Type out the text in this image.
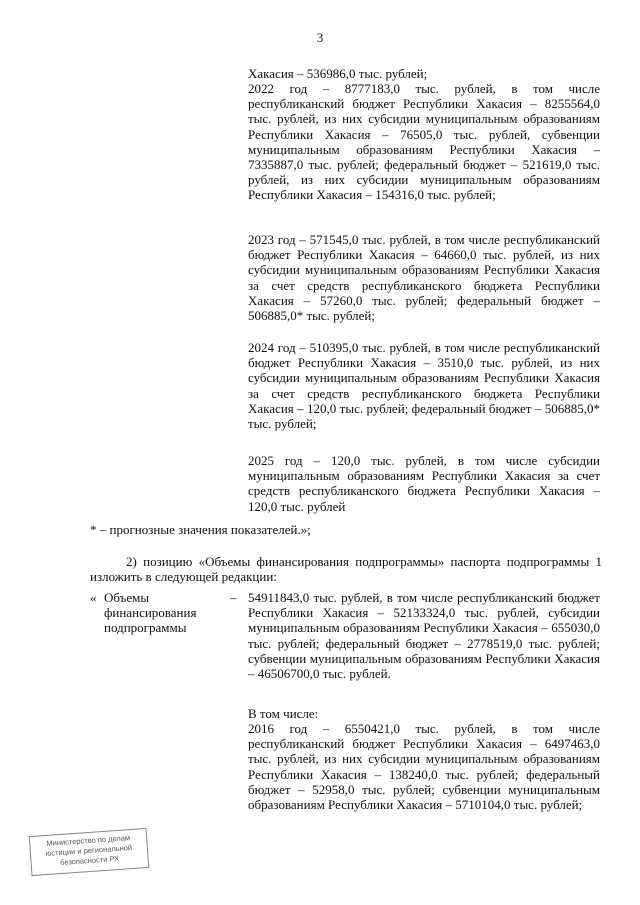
3
Хакасия – 536986,0 тыс. рублей;
2022 год – 8777183,0 тыс. рублей, в том числе республиканский бюджет Республики Хакасия – 8255564,0 тыс. рублей, из них субсидии муниципальным образованиям Республики Хакасия – 76505,0 тыс. рублей, субвенции муниципальным образованиям Республики Хакасия – 7335887,0 тыс. рублей; федеральный бюджет – 521619,0 тыс. рублей, из них субсидии муниципальным образованиям Республики Хакасия – 154316,0 тыс. рублей;
2023 год – 571545,0 тыс. рублей, в том числе республиканский бюджет Республики Хакасия – 64660,0 тыс. рублей, из них субсидии муниципальным образованиям Республики Хакасия за счет средств республиканского бюджета Республики Хакасия – 57260,0 тыс. рублей; федеральный бюджет – 506885,0* тыс. рублей;
2024 год – 510395,0 тыс. рублей, в том числе республиканский бюджет Республики Хакасия – 3510,0 тыс. рублей, из них субсидии муниципальным образованиям Республики Хакасия за счет средств республиканского бюджета Республики Хакасия – 120,0 тыс. рублей; федеральный бюджет – 506885,0* тыс. рублей;
2025 год – 120,0 тыс. рублей, в том числе субсидии муниципальным образованиям Республики Хакасия за счет средств республиканского бюджета Республики Хакасия – 120,0 тыс. рублей
* – прогнозные значения показателей.»;
2) позицию «Объемы финансирования подпрограммы» паспорта подпрограммы 1 изложить в следующей редакции:
« Объемы финансирования подпрограммы
– 54911843,0 тыс. рублей, в том числе республиканский бюджет Республики Хакасия – 52133324,0 тыс. рублей, субсидии муниципальным образованиям Республики Хакасия – 655030,0 тыс. рублей; федеральный бюджет – 2778519,0 тыс. рублей; субвенции муниципальным образованиям Республики Хакасия – 46506700,0 тыс. рублей.
В том числе:
2016 год – 6550421,0 тыс. рублей, в том числе республиканский бюджет Республики Хакасия – 6497463,0 тыс. рублей, из них субсидии муниципальным образованиям Республики Хакасия – 138240,0 тыс. рублей; федеральный бюджет – 52958,0 тыс. рублей; субвенции муниципальным образованиям Республики Хакасия – 5710104,0 тыс. рублей;
Министерство по делам юстиции и региональной безопасности РХ
